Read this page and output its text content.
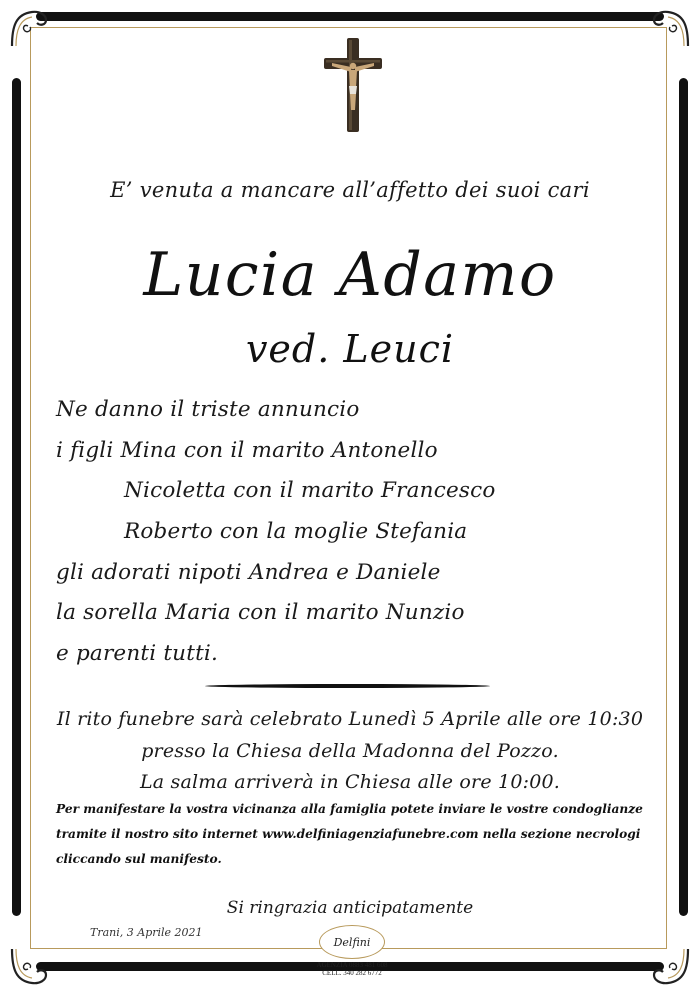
E’ venuta a mancare all’affetto dei suoi cari
Lucia Adamo
ved. Leuci
Ne danno il triste annuncio
i figli Mina con il marito Antonello
Nicoletta con il marito Francesco
Roberto con la moglie Stefania
gli adorati nipoti Andrea e Daniele
la sorella Maria con il marito Nunzio
e parenti tutti.
Il rito funebre sarà celebrato Lunedì 5 Aprile alle ore 10:30
presso la Chiesa della Madonna del Pozzo.
La salma arriverà in Chiesa alle ore 10:00.
Per manifestare la vostra vicinanza alla famiglia potete inviare le vostre condoglianze
tramite il nostro sito internet www.delfiniagenziafunebre.com nella sezione necrologi
cliccando sul manifesto.
Si ringrazia anticipatamente
Trani, 3 Aprile 2021
Delfini
AGENZIA 0883 481 608
CELL. 340 282 6772
